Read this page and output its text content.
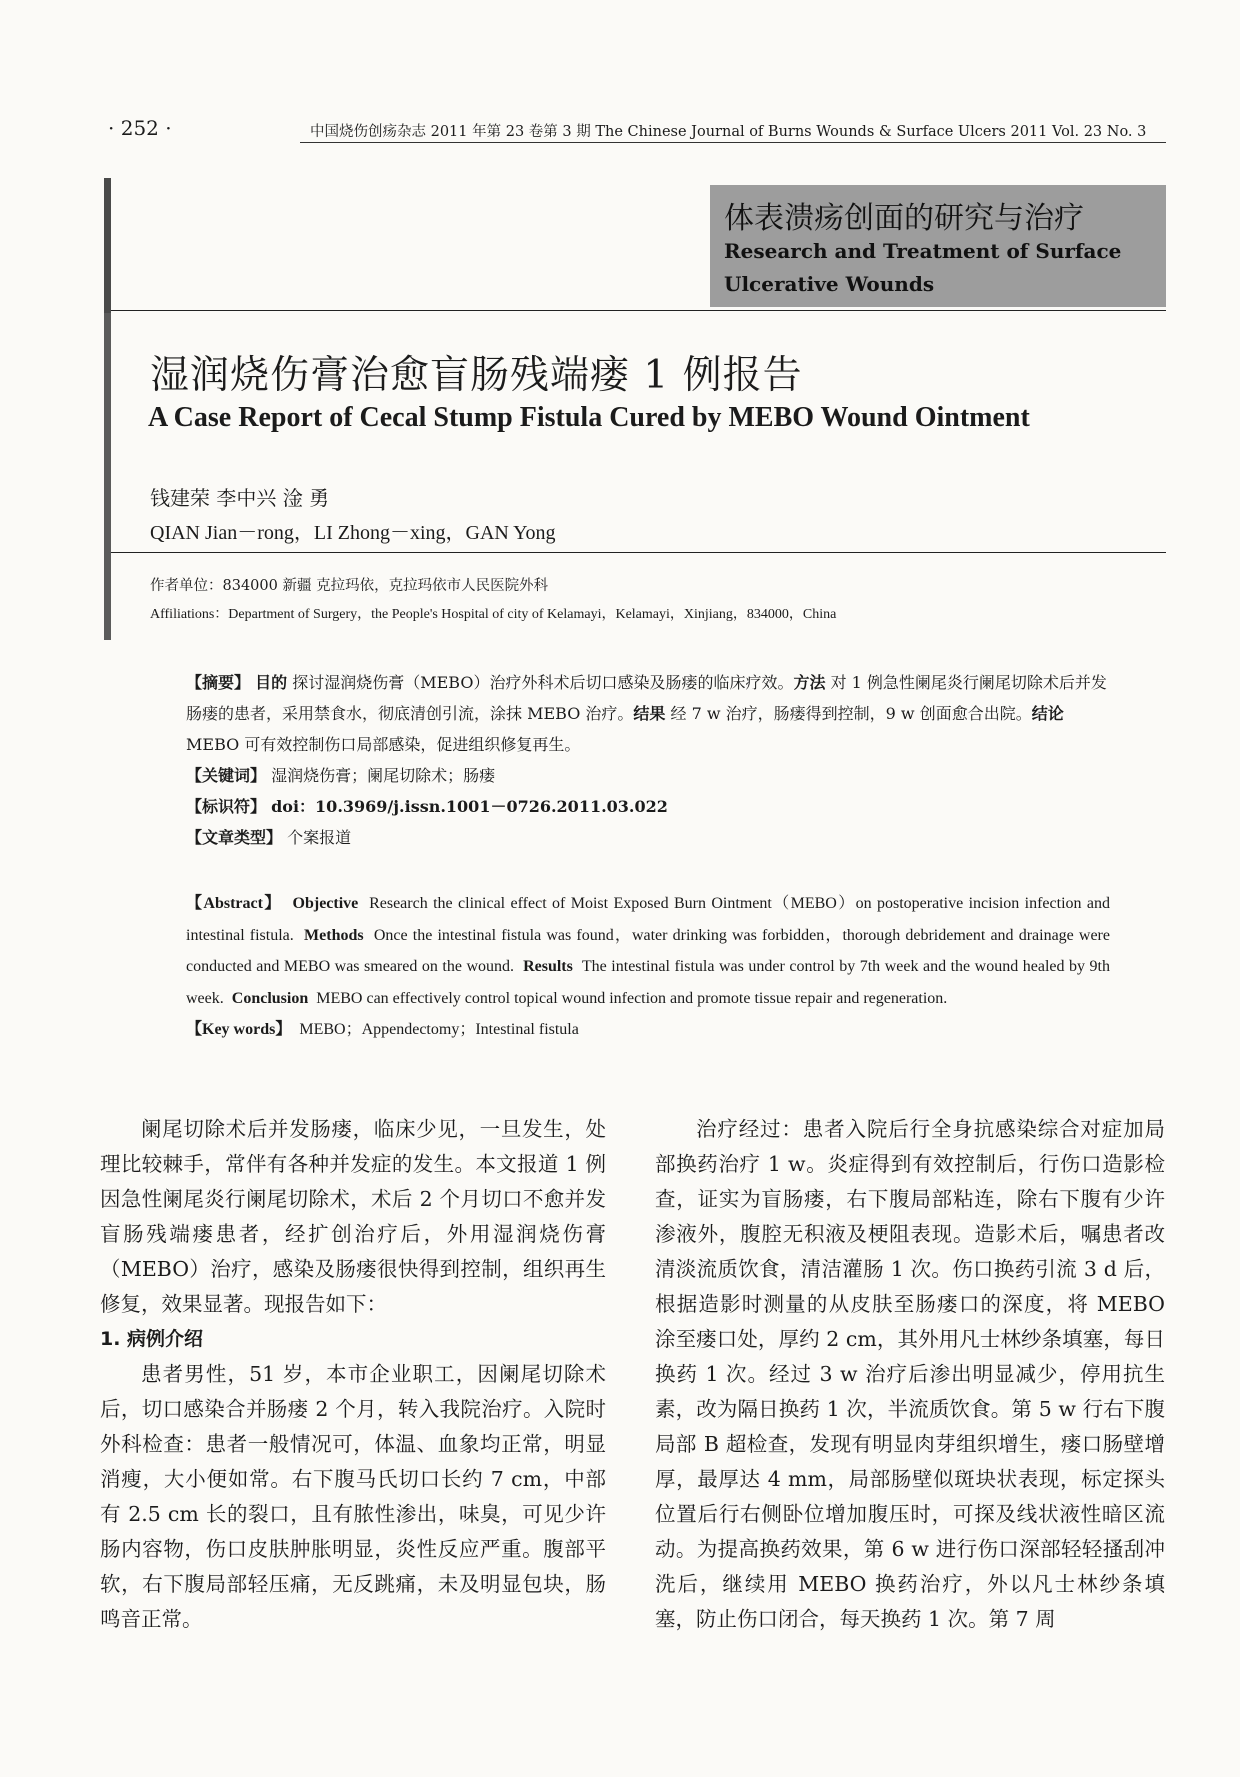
· 252 ·	中国烧伤创疡杂志 2011 年第 23 卷第 3 期 The Chinese Journal of Burns Wounds & Surface Ulcers 2011 Vol. 23 No. 3
体表溃疡创面的研究与治疗
Research and Treatment of Surface Ulcerative Wounds
湿润烧伤膏治愈盲肠残端瘘 1 例报告
A Case Report of Cecal Stump Fistula Cured by MEBO Wound Ointment
钱建荣 李中兴 淦 勇
QIAN Jian－rong，LI Zhong－xing，GAN Yong
作者单位：834000 新疆 克拉玛依，克拉玛依市人民医院外科
Affiliations：Department of Surgery，the People's Hospital of city of Kelamayi，Kelamayi，Xinjiang，834000，China

【摘要】 目的 探讨湿润烧伤膏（MEBO）治疗外科术后切口感染及肠瘘的临床疗效。方法 对 1 例急性阑尾炎行阑尾切除术后并发肠瘘的患者，采用禁食水，彻底清创引流，涂抹 MEBO 治疗。结果 经 7 w 治疗，肠瘘得到控制，9 w 创面愈合出院。结论 MEBO 可有效控制伤口局部感染，促进组织修复再生。

【关键词】 湿润烧伤膏；阑尾切除术；肠瘘

【标识符】 doi：10.3969/j.issn.1001－0726.2011.03.022

【文章类型】 个案报道

【Abstract】 Objective Research the clinical effect of Moist Exposed Burn Ointment（MEBO）on postoperative incision infection and intestinal fistula. Methods Once the intestinal fistula was found，water drinking was forbidden，thorough debridement and drainage were conducted and MEBO was smeared on the wound. Results The intestinal fistula was under control by 7th week and the wound healed by 9th week. Conclusion MEBO can effectively control topical wound infection and promote tissue repair and regeneration.

【Key words】 MEBO；Appendectomy；Intestinal fistula

阑尾切除术后并发肠瘘，临床少见，一旦发生，处理比较棘手，常伴有各种并发症的发生。本文报道 1 例因急性阑尾炎行阑尾切除术，术后 2 个月切口不愈并发盲肠残端瘘患者，经扩创治疗后，外用湿润烧伤膏（MEBO）治疗，感染及肠瘘很快得到控制，组织再生修复，效果显著。现报告如下：

1. 病例介绍

患者男性，51 岁，本市企业职工，因阑尾切除术后，切口感染合并肠瘘 2 个月，转入我院治疗。入院时外科检查：患者一般情况可，体温、血象均正常，明显消瘦，大小便如常。右下腹马氏切口长约 7 cm，中部有 2.5 cm 长的裂口，且有脓性渗出，味臭，可见少许肠内容物，伤口皮肤肿胀明显，炎性反应严重。腹部平软，右下腹局部轻压痛，无反跳痛，未及明显包块，肠鸣音正常。

治疗经过：患者入院后行全身抗感染综合对症加局部换药治疗 1 w。炎症得到有效控制后，行伤口造影检查，证实为盲肠瘘，右下腹局部粘连，除右下腹有少许渗液外，腹腔无积液及梗阻表现。造影术后，嘱患者改清淡流质饮食，清洁灌肠 1 次。伤口换药引流 3 d 后，根据造影时测量的从皮肤至肠瘘口的深度，将 MEBO 涂至瘘口处，厚约 2 cm，其外用凡士林纱条填塞，每日换药 1 次。经过 3 w 治疗后渗出明显减少，停用抗生素，改为隔日换药 1 次，半流质饮食。第 5 w 行右下腹局部 B 超检查，发现有明显肉芽组织增生，瘘口肠壁增厚，最厚达 4 mm，局部肠壁似斑块状表现，标定探头位置后行右侧卧位增加腹压时，可探及线状液性暗区流动。为提高换药效果，第 6 w 进行伤口深部轻轻搔刮冲洗后，继续用 MEBO 换药治疗，外以凡士林纱条填塞，防止伤口闭合，每天换药 1 次。第 7 周
